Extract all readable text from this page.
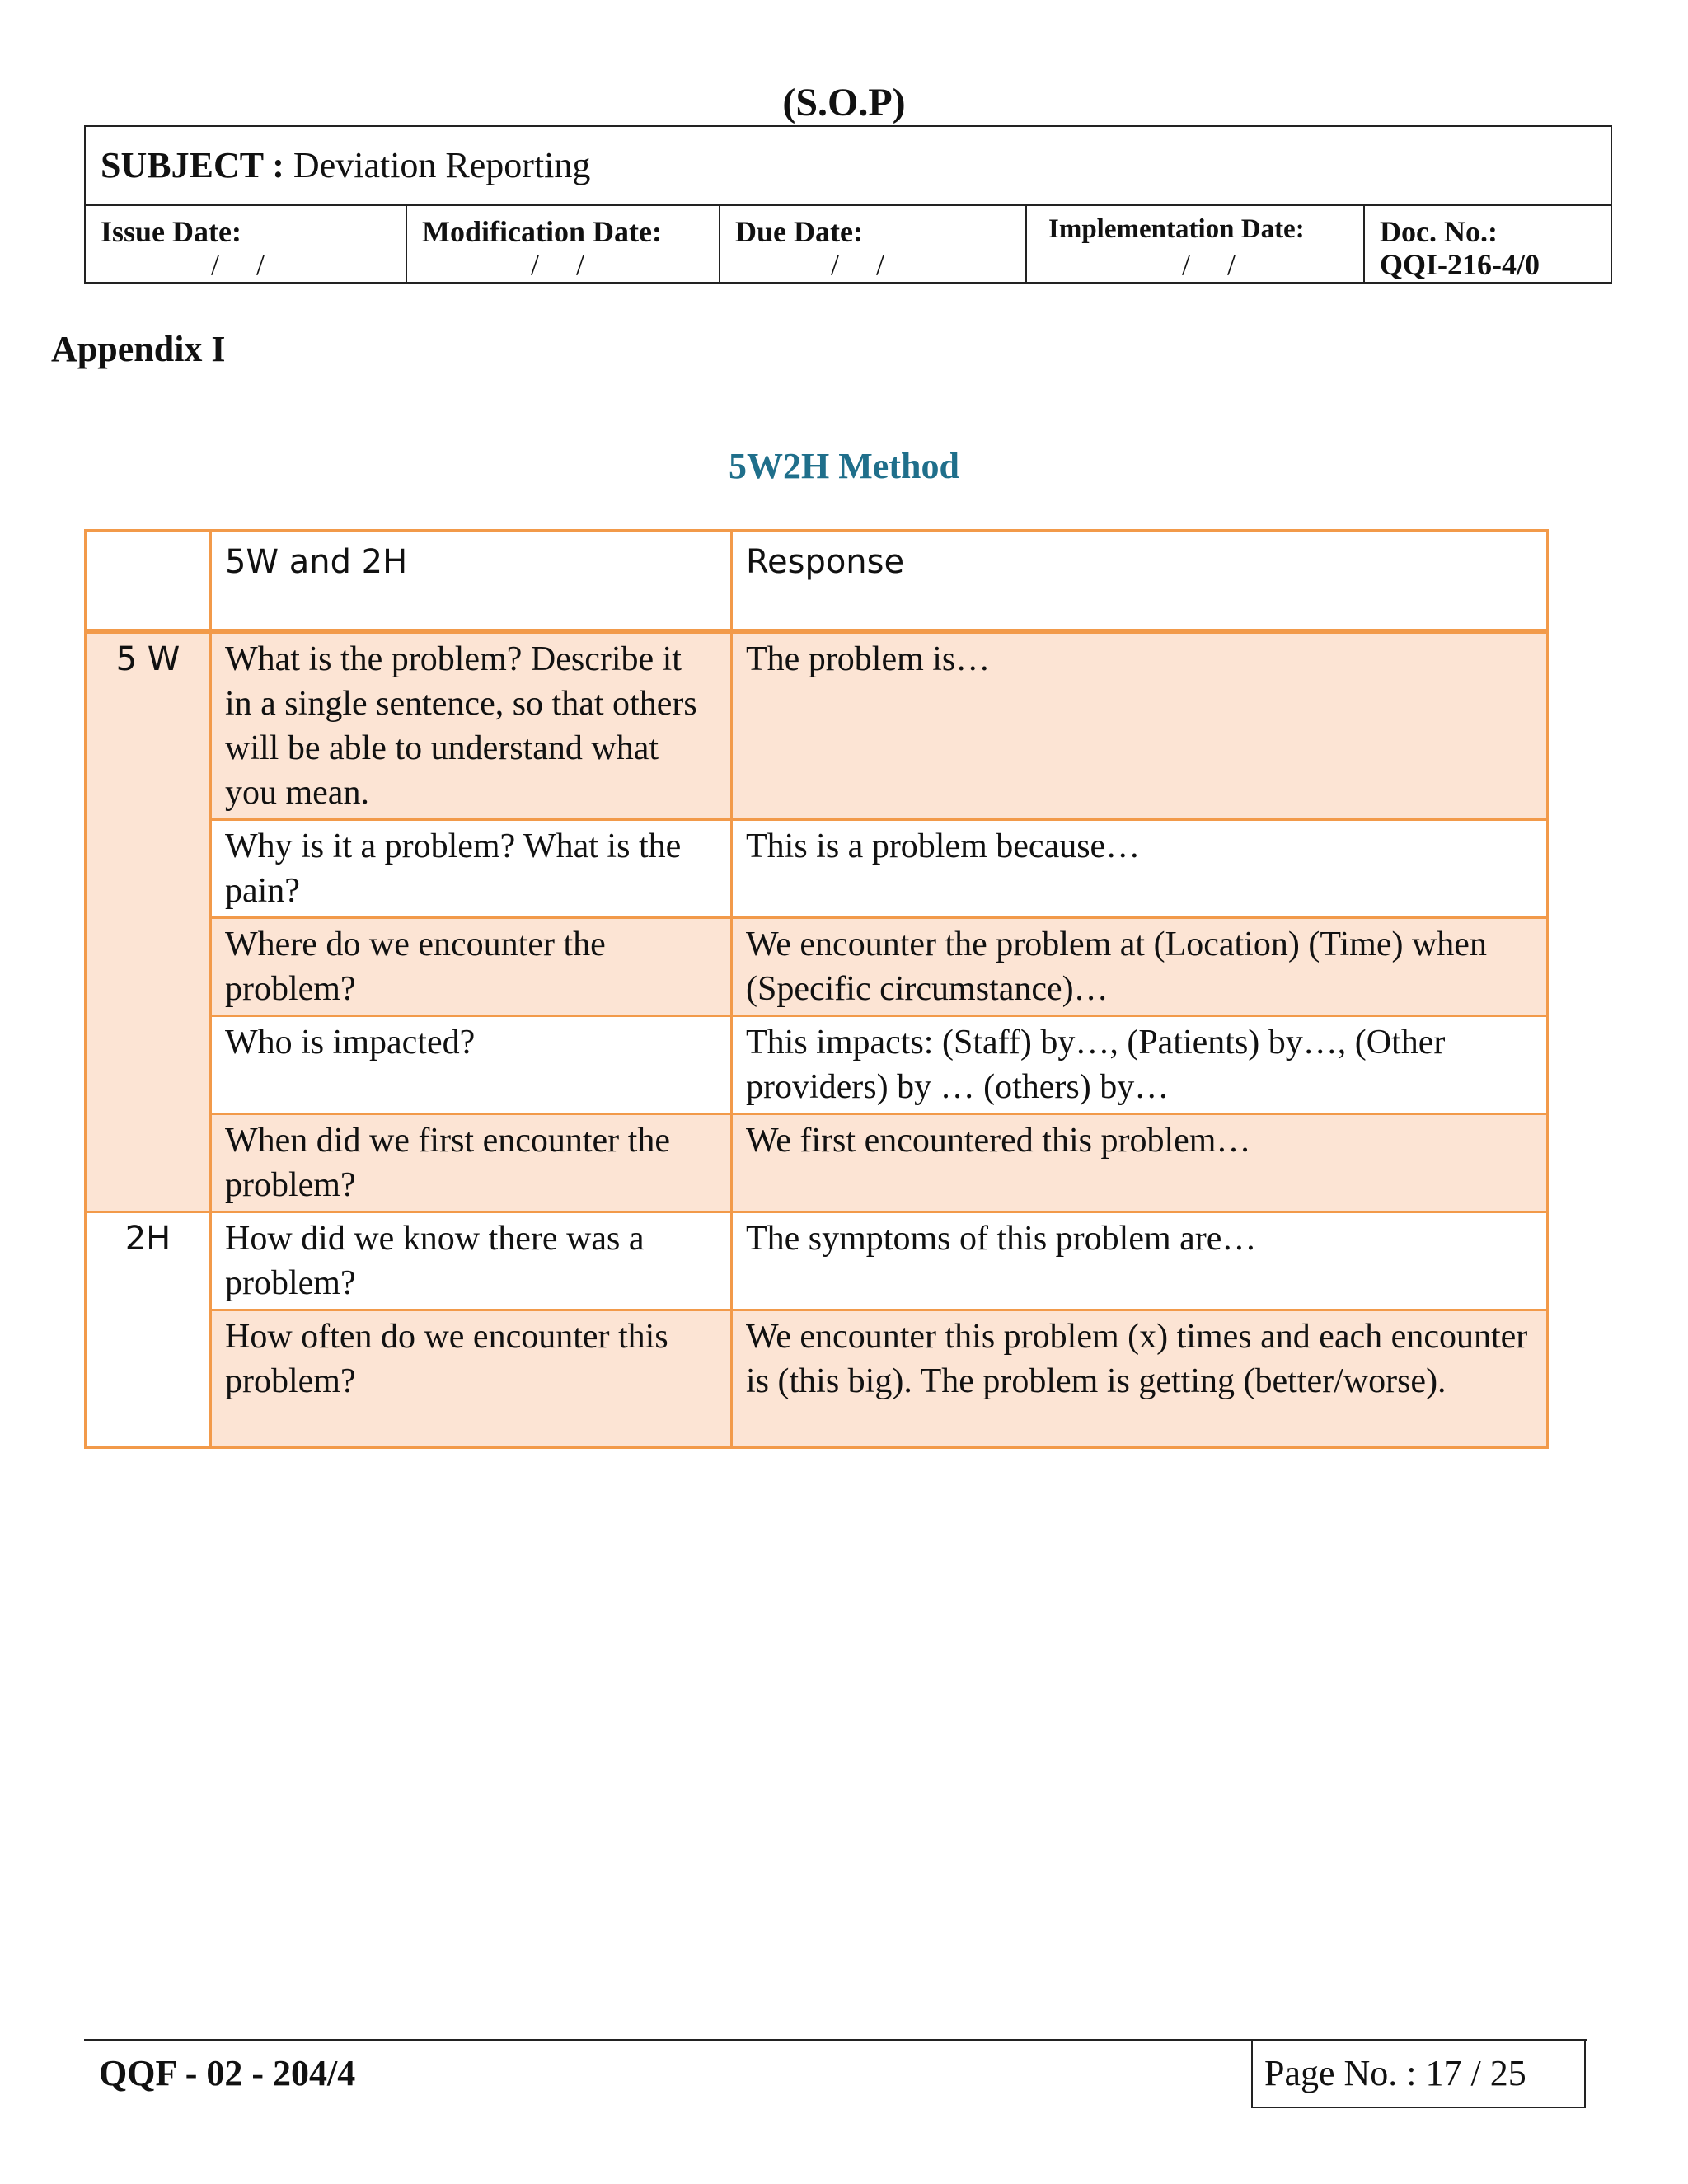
(S.O.P)
SUBJECT : Deviation Reporting

Issue Date:
/ /

Modification Date:
/ /

Due Date:
/ /

Implementation Date:
/ /

Doc. No.:
QQI-216-4/0
Appendix I
5W2H Method
	5W and 2H	Response
5 W	What is the problem? Describe it in a single sentence, so that others will be able to understand what you mean.	The problem is…
	Why is it a problem? What is the pain?	This is a problem because…
	Where do we encounter the problem?	We encounter the problem at (Location) (Time) when (Specific circumstance)…
	Who is impacted?	This impacts: (Staff) by…, (Patients) by…, (Other providers) by … (others) by…
	When did we first encounter the problem?	We first encountered this problem…
2H	How did we know there was a problem?	The symptoms of this problem are…
	How often do we encounter this problem?	We encounter this problem (x) times and each encounter is (this big). The problem is getting (better/worse).
QQF - 02 - 204/4	Page No. : 17 / 25
